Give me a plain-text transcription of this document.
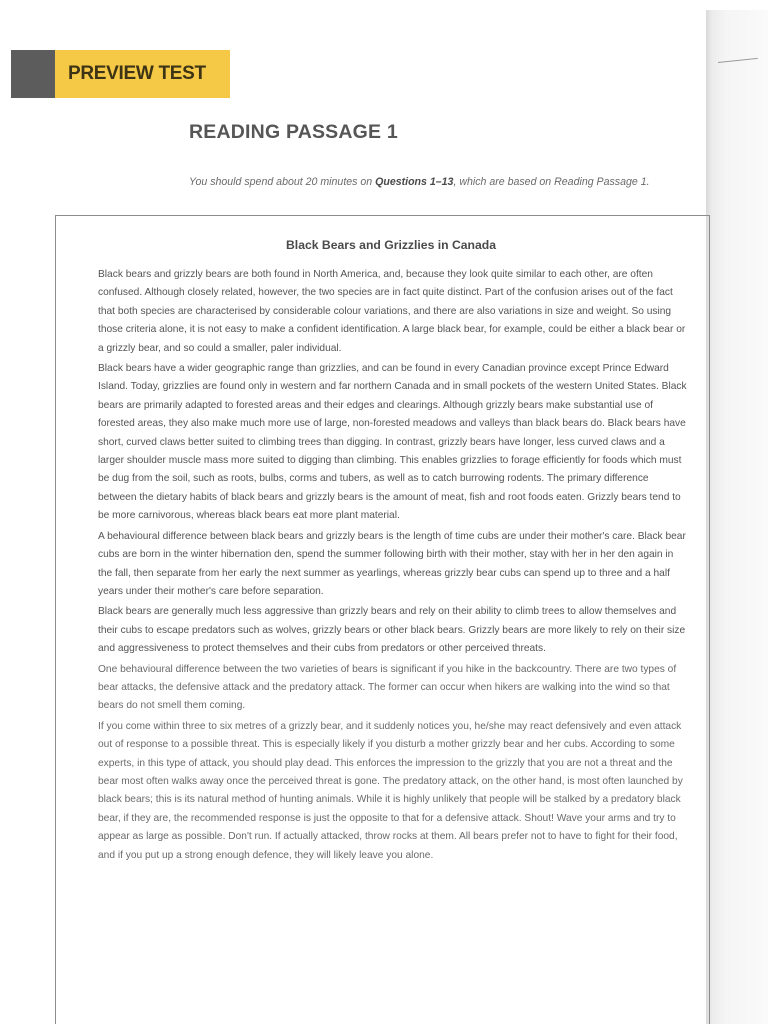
PREVIEW TEST
READING PASSAGE 1
You should spend about 20 minutes on Questions 1–13, which are based on Reading Passage 1.
Black Bears and Grizzlies in Canada

Black bears and grizzly bears are both found in North America, and, because they look quite similar to each other, are often confused. Although closely related, however, the two species are in fact quite distinct. Part of the confusion arises out of the fact that both species are characterised by considerable colour variations, and there are also variations in size and weight. So using those criteria alone, it is not easy to make a confident identification. A large black bear, for example, could be either a black bear or a grizzly bear, and so could a smaller, paler individual.

Black bears have a wider geographic range than grizzlies, and can be found in every Canadian province except Prince Edward Island. Today, grizzlies are found only in western and far northern Canada and in small pockets of the western United States. Black bears are primarily adapted to forested areas and their edges and clearings. Although grizzly bears make substantial use of forested areas, they also make much more use of large, non-forested meadows and valleys than black bears do. Black bears have short, curved claws better suited to climbing trees than digging. In contrast, grizzly bears have longer, less curved claws and a larger shoulder muscle mass more suited to digging than climbing. This enables grizzlies to forage efficiently for foods which must be dug from the soil, such as roots, bulbs, corms and tubers, as well as to catch burrowing rodents. The primary difference between the dietary habits of black bears and grizzly bears is the amount of meat, fish and root foods eaten. Grizzly bears tend to be more carnivorous, whereas black bears eat more plant material.

A behavioural difference between black bears and grizzly bears is the length of time cubs are under their mother's care. Black bear cubs are born in the winter hibernation den, spend the summer following birth with their mother, stay with her in her den again in the fall, then separate from her early the next summer as yearlings, whereas grizzly bear cubs can spend up to three and a half years under their mother's care before separation.

Black bears are generally much less aggressive than grizzly bears and rely on their ability to climb trees to allow themselves and their cubs to escape predators such as wolves, grizzly bears or other black bears. Grizzly bears are more likely to rely on their size and aggressiveness to protect themselves and their cubs from predators or other perceived threats.

One behavioural difference between the two varieties of bears is significant if you hike in the backcountry. There are two types of bear attacks, the defensive attack and the predatory attack. The former can occur when hikers are walking into the wind so that bears do not smell them coming.

If you come within three to six metres of a grizzly bear, and it suddenly notices you, he/she may react defensively and even attack out of response to a possible threat. This is especially likely if you disturb a mother grizzly bear and her cubs. According to some experts, in this type of attack, you should play dead. This enforces the impression to the grizzly that you are not a threat and the bear most often walks away once the perceived threat is gone. The predatory attack, on the other hand, is most often launched by black bears; this is its natural method of hunting animals. While it is highly unlikely that people will be stalked by a predatory black bear, if they are, the recommended response is just the opposite to that for a defensive attack. Shout! Wave your arms and try to appear as large as possible. Don't run. If actually attacked, throw rocks at them. All bears prefer not to have to fight for their food, and if you put up a strong enough defence, they will likely leave you alone.
